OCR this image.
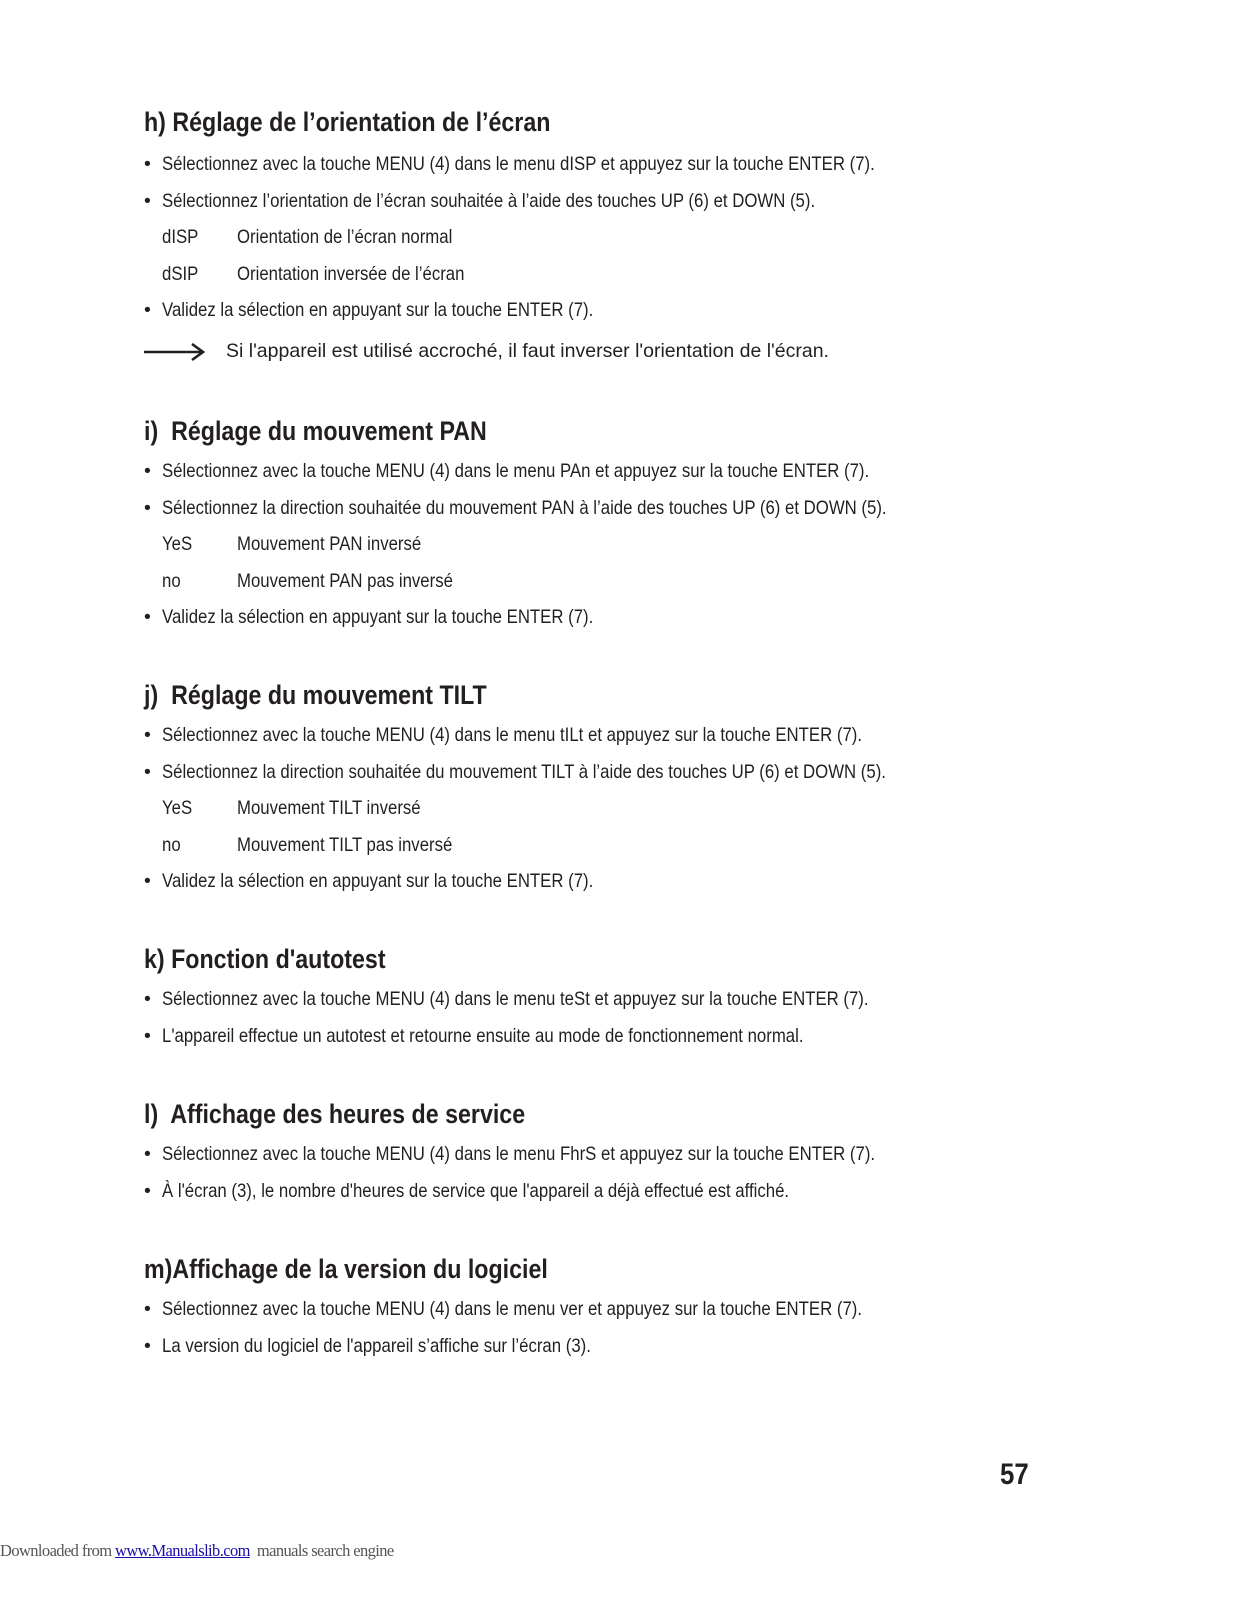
h) Réglage de l’orientation de l’écran
• Sélectionnez avec la touche MENU (4) dans le menu dISP et appuyez sur la touche ENTER (7).
• Sélectionnez l’orientation de l’écran souhaitée à l’aide des touches UP (6) et DOWN (5).
dISP	Orientation de l’écran normal
dSIP	Orientation inversée de l’écran
• Validez la sélection en appuyant sur la touche ENTER (7).
Si l'appareil est utilisé accroché, il faut inverser l'orientation de l'écran.
i)  Réglage du mouvement PAN
• Sélectionnez avec la touche MENU (4) dans le menu PAn et appuyez sur la touche ENTER (7).
• Sélectionnez la direction souhaitée du mouvement PAN à l’aide des touches UP (6) et DOWN (5).
YeS Mouvement PAN inversé
no	Mouvement PAN pas inversé
• Validez la sélection en appuyant sur la touche ENTER (7).
j)  Réglage du mouvement TILT
• Sélectionnez avec la touche MENU (4) dans le menu tILt et appuyez sur la touche ENTER (7).
• Sélectionnez la direction souhaitée du mouvement TILT à l’aide des touches UP (6) et DOWN (5).
YeS Mouvement TILT inversé
no	Mouvement TILT pas inversé
• Validez la sélection en appuyant sur la touche ENTER (7).
k) Fonction d'autotest
• Sélectionnez avec la touche MENU (4) dans le menu teSt et appuyez sur la touche ENTER (7).
• L'appareil effectue un autotest et retourne ensuite au mode de fonctionnement normal.
l)  Affichage des heures de service
• Sélectionnez avec la touche MENU (4) dans le menu FhrS et appuyez sur la touche ENTER (7).
• À l'écran (3), le nombre d'heures de service que l'appareil a déjà effectué est affiché.
m)Affichage de la version du logiciel
• Sélectionnez avec la touche MENU (4) dans le menu ver et appuyez sur la touche ENTER (7).
• La version du logiciel de l'appareil s’affiche sur l’écran (3).
57
Downloaded from www.Manualslib.com  manuals search engine
